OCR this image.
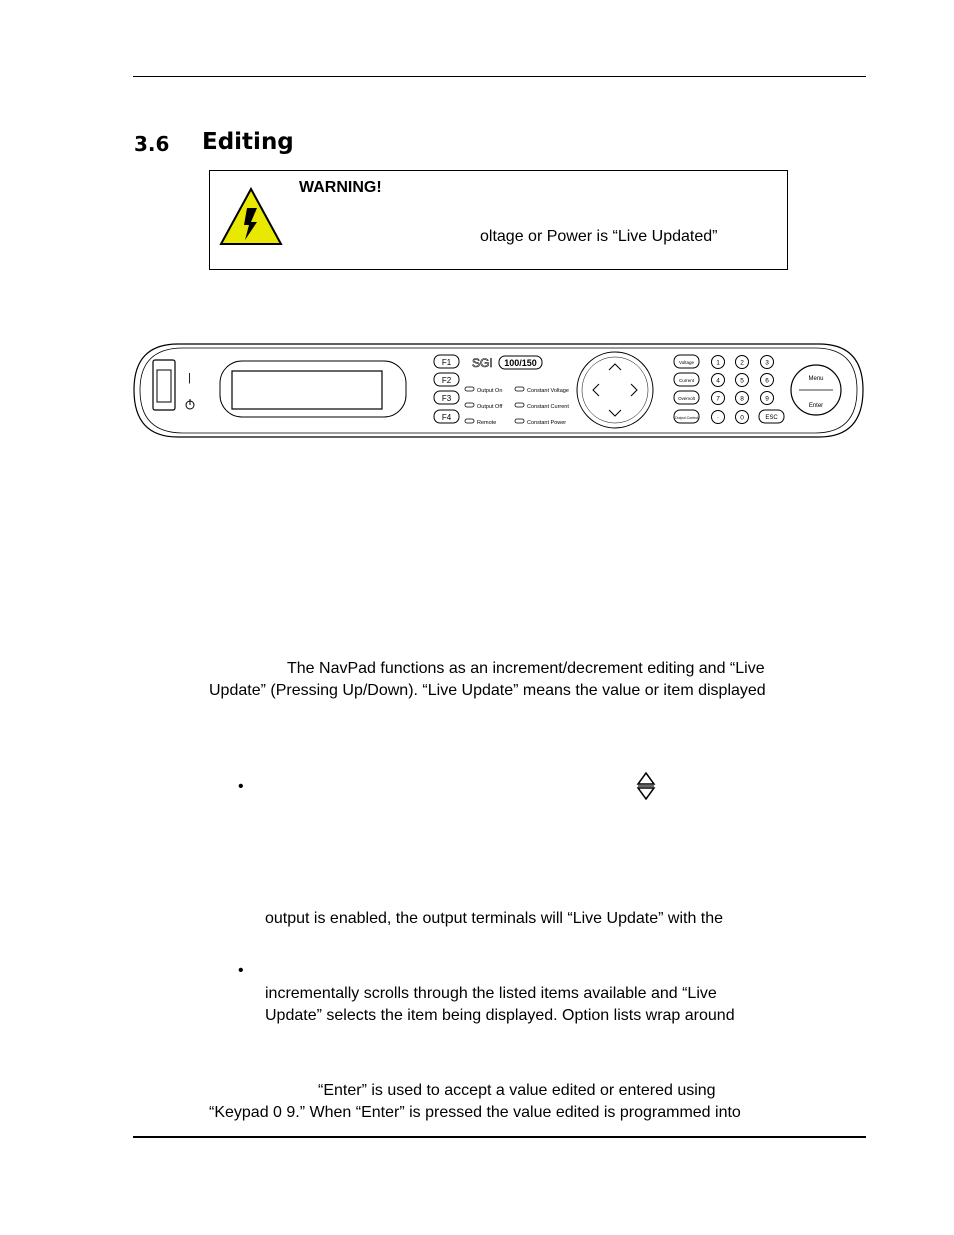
3.6 Editing
WARNING!
oltage or Power is “Live Updated”
|
F1
F2
F3
F4
SGI 100/150
Output On
Output Off
Remote
Constant Voltage
Constant Current
Constant Power
Voltage
Current
Overvolt
Output Control
1	2	3
4	5	6
7	8	9
·	0	ESC
Menu
Enter
The NavPad functions as an increment/decrement editing and “Live
Update” (Pressing Up/Down). “Live Update” means the value or item displayed
•
output is enabled, the output terminals will “Live Update” with the
•
incrementally scrolls through the listed items available and “Live
Update” selects the item being displayed. Option lists wrap around
“Enter” is used to accept a value edited or entered using
“Keypad 0 9.” When “Enter” is pressed the value edited is programmed into
